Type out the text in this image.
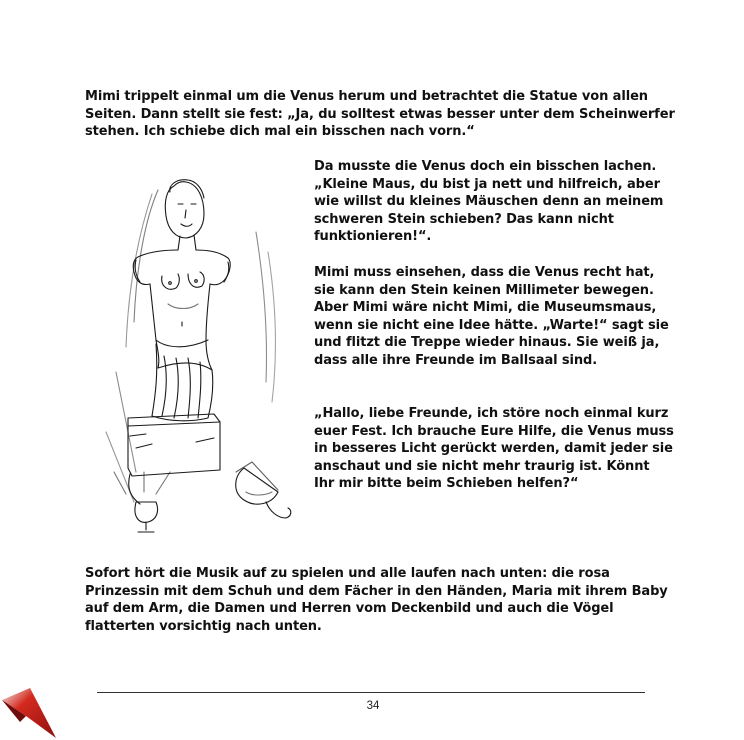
Mimi trippelt einmal um die Venus herum und betrachtet die Statue von allen Seiten. Dann stellt sie fest: „Ja, du solltest etwas besser unter dem Scheinwerfer stehen. Ich schiebe dich mal ein bisschen nach vorn.“

Da musste die Venus doch ein bisschen lachen. „Kleine Maus, du bist ja nett und hilfreich, aber wie willst du kleines Mäuschen denn an meinem schweren Stein schieben? Das kann nicht funktionieren!“.

Mimi muss einsehen, dass die Venus recht hat, sie kann den Stein keinen Millimeter bewegen. Aber Mimi wäre nicht Mimi, die Museumsmaus, wenn sie nicht eine Idee hätte. „Warte!“ sagt sie und flitzt die Treppe wieder hinaus. Sie weiß ja, dass alle ihre Freunde im Ballsaal sind.

„Hallo, liebe Freunde, ich störe noch einmal kurz euer Fest. Ich brauche Eure Hilfe, die Venus muss in besseres Licht gerückt werden, damit jeder sie anschaut und sie nicht mehr traurig ist. Könnt Ihr mir bitte beim Schieben helfen?“

Sofort hört die Musik auf zu spielen und alle laufen nach unten: die rosa Prinzessin mit dem Schuh und dem Fächer in den Händen, Maria mit ihrem Baby auf dem Arm, die Damen und Herren vom Deckenbild und auch die Vögel flatterten vorsichtig nach unten.

34
